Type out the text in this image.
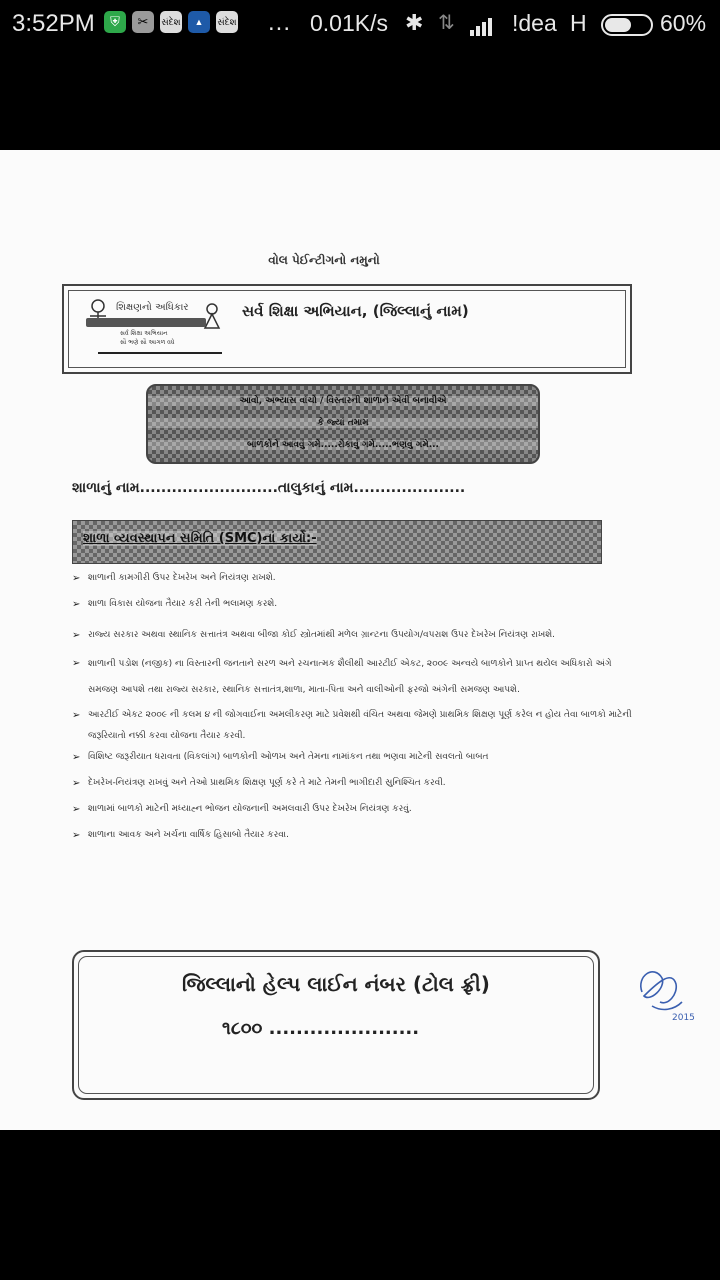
3:52PM	⛨	✂	સંદેશ	▲	સંદેશ ... 0.01K/s ✱ ⇅ !dea H	60%
વોલ પેઈન્ટીગનો નમુનો
શિક્ષણનો અધિકાર
સર્વ શિક્ષા અભિયાન
સૌ ભણે સૌ આગળ વધે
સર્વ શિક્ષા અભિયાન, (જિલ્લાનું નામ)
આવો, અભ્યાસ વાંચો / વિસ્તારની શાળાને એવી બનાવીએ
કે જ્યાં તમામ
બાળકોને આવવું ગમે.....રોકાવું ગમે.....ભણવું ગમે...
શાળાનું નામ..........................તાલુકાનું નામ.....................
શાળા વ્યવસ્થાપન સમિતિ (SMC)નાં કાર્યો:-
➢ શાળાની કામગીરી ઉપર દેખરેખ અને નિયંત્રણ રાખશે.
➢ શાળા વિકાસ યોજના તૈયાર કરી તેની ભલામણ કરશે.
➢ રાજ્ય સરકાર અથવા સ્થાનિક સત્તાતંત્ર અથવા બીજા કોઈ સ્ત્રોતમાંથી મળેલ ગ્રાન્ટના ઉપયોગ/વપરાશ ઉપર દેખરેખ નિયંત્રણ રાખશે.
➢ શાળાની પડોશ (નજીક) ના વિસ્તારની જનતાને સરળ અને રચનાત્મક શૈલીથી આરટીઈ એકટ, ૨૦૦૯ અન્વયે બાળકોને પ્રાપ્ત થયેલ અધિકારો અંગે સમજણ આપશે તથા રાજ્ય સરકાર, સ્થાનિક સત્તાતંત્ર,શાળા, માતા-પિતા અને વાલીઓની ફરજો અંગેની સમજણ આપશે.
➢ આરટીઈ એકટ ૨૦૦૯ ની કલમ ૪ ની જોગવાઈના અમલીકરણ માટે પ્રવેશથી વંચિત અથવા જેમણે પ્રાથમિક શિક્ષણ પૂર્ણ કરેલ ન હોય તેવા બાળકો માટેની જરૂરિયાતો નક્કી કરવા યોજના તૈયાર કરવી.
➢ વિશિષ્ટ જરૂરીયાત ધરાવતા (વિકલાંગ) બાળકોની ઓળખ અને તેમના નામાંકન તથા ભણવા માટેની સવલતો બાબત
➢ દેખરેખ-નિયંત્રણ રાખવું અને તેઓ પ્રાથમિક શિક્ષણ પૂર્ણ કરે તે માટે તેમની ભાગીદારી સુનિશ્ચિત કરવી.
➢ શાળામાં બાળકો માટેની મધ્યાહ્ન ભોજન યોજનાની અમલવારી ઉપર દેખરેખ નિયંત્રણ કરવું.
➢ શાળાના આવક અને ખર્ચના વાર્ષિક હિસાબો તૈયાર કરવા.
જિલ્લાનો હેલ્પ લાઈન નંબર (ટોલ ફ્રી)
૧૮૦૦ ......................	2015
